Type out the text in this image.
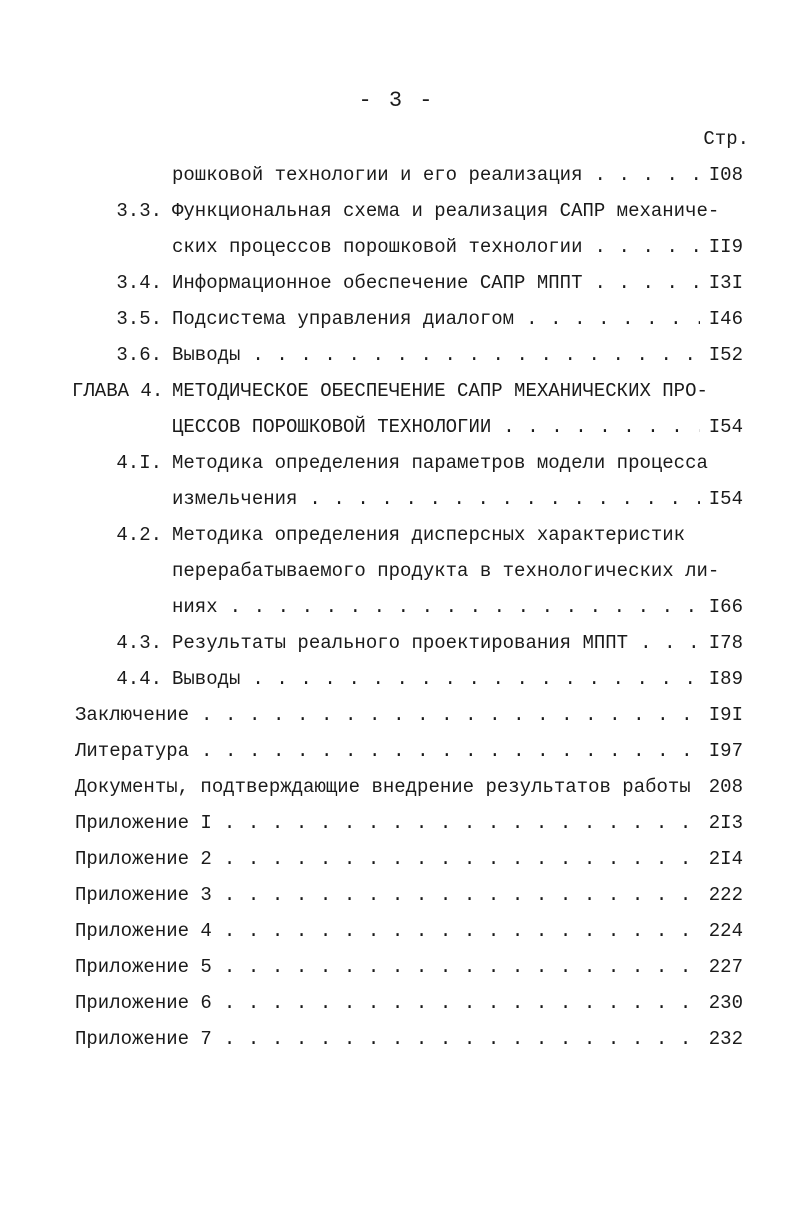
- 3 -
Стр.
рошковой технологии и его реализация . . .	I08
3.3. Функциональная схема и реализация САПР механиче-
ских процессов порошковой технологии . . .	II9
3.4. Информационное обеспечение САПР МППТ . . .	I3I
3.5. Подсистема управления диалогом . . .	I46
3.6. Выводы . . .	I52
ГЛАВА 4. МЕТОДИЧЕСКОЕ ОБЕСПЕЧЕНИЕ САПР МЕХАНИЧЕСКИХ ПРО-
ЦЕССОВ ПОРОШКОВОЙ ТЕХНОЛОГИИ . . .	I54
4.I. Методика определения параметров модели процесса
измельчения . . .	I54
4.2. Методика определения дисперсных характеристик
перерабатываемого продукта в технологических ли-
ниях . . .	I66
4.3. Результаты реального проектирования МППТ . . .	I78
4.4. Выводы . . .	I89
Заключение . . .	I9I
Литература . . .	I97
Документы, подтверждающие внедрение результатов работы . . . 208
Приложение I . . .	2I3
Приложение 2 . . .	2I4
Приложение 3 . . .	222
Приложение 4 . . .	224
Приложение 5 . . .	227
Приложение 6 . . .	230
Приложение 7 . . .	232
